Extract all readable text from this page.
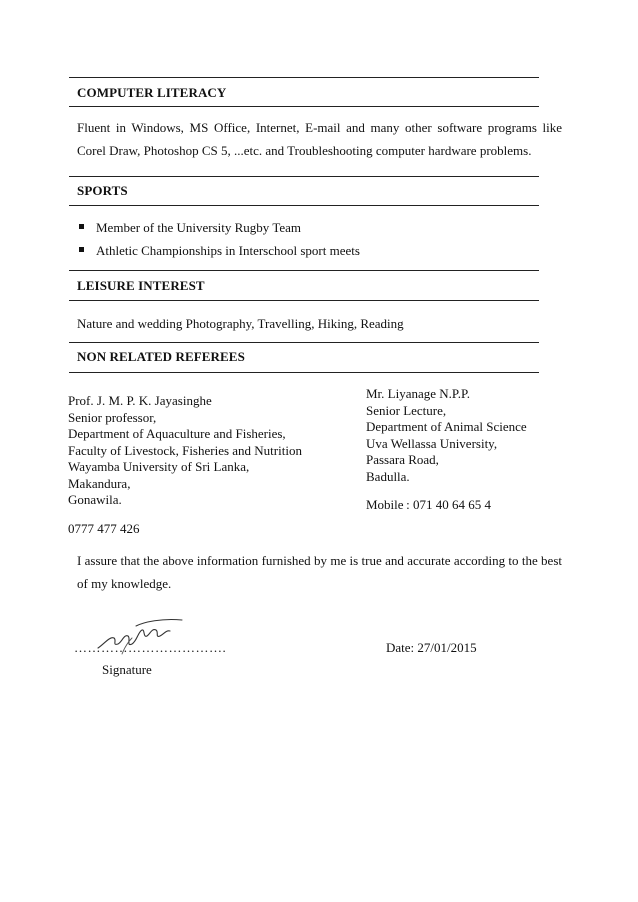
COMPUTER LITERACY
Fluent in Windows, MS Office, Internet, E-mail and many other software programs like
Corel Draw, Photoshop CS 5, ...etc. and Troubleshooting computer hardware problems.
SPORTS
Member of the University Rugby Team
Athletic Championships in Interschool sport meets
LEISURE INTEREST
Nature and wedding Photography, Travelling, Hiking, Reading
NON RELATED REFEREES
Prof. J. M. P. K. Jayasinghe
Senior professor,
Department of Aquaculture and Fisheries,
Faculty of Livestock, Fisheries and Nutrition
Wayamba University of Sri Lanka,
Makandura,
Gonawila.
0777 477 426
Mr. Liyanage N.P.P.
Senior Lecture,
Department of Animal Science
Uva Wellassa University,
Passara Road,
Badulla.
Mobile : 071 40 64 65 4
I assure that the above information furnished by me is true and accurate according to the best
of my knowledge.
…………………………….
Signature
Date: 27/01/2015
